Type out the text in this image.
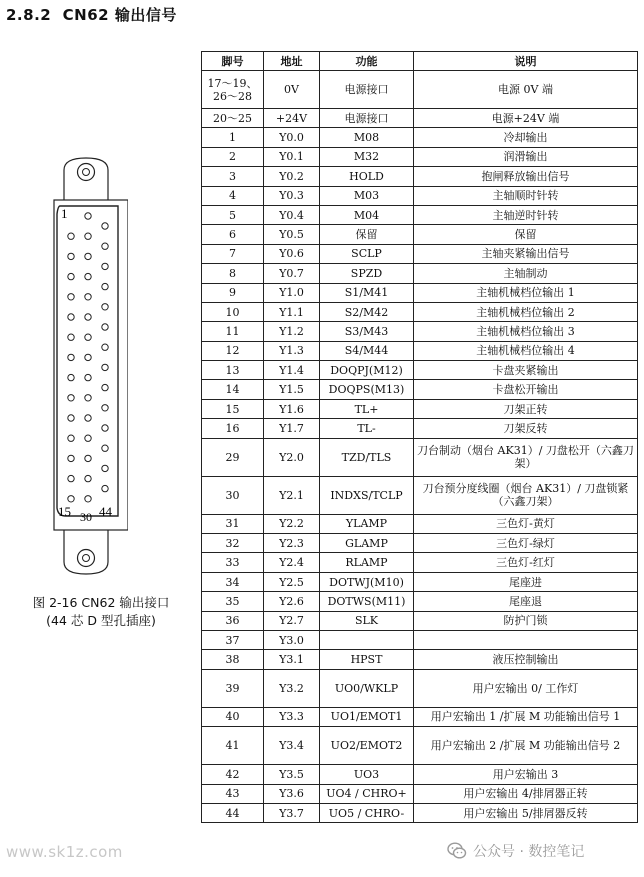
2.8.2 CN62 输出信号
1
15 30 44
图 2-16 CN62 输出接口
(44 芯 D 型孔插座)
脚号	地址	功能	说明
17～19、26～28	0V	电源接口	电源 0V 端
20～25	+24V	电源接口	电源+24V 端
1	Y0.0	M08	冷却输出
2	Y0.1	M32	润滑输出
3	Y0.2	HOLD	抱闸释放输出信号
4	Y0.3	M03	主轴顺时针转
5	Y0.4	M04	主轴逆时针转
6	Y0.5	保留	保留
7	Y0.6	SCLP	主轴夹紧输出信号
8	Y0.7	SPZD	主轴制动
9	Y1.0	S1/M41	主轴机械档位输出 1
10	Y1.1	S2/M42	主轴机械档位输出 2
11	Y1.2	S3/M43	主轴机械档位输出 3
12	Y1.3	S4/M44	主轴机械档位输出 4
13	Y1.4	DOQPJ(M12)	卡盘夹紧输出
14	Y1.5	DOQPS(M13)	卡盘松开输出
15	Y1.6	TL+	刀架正转
16	Y1.7	TL-	刀架反转
29	Y2.0	TZD/TLS	刀台制动（烟台 AK31）/ 刀盘松开（六鑫刀架）
30	Y2.1	INDXS/TCLP	刀台预分度线圈（烟台 AK31）/ 刀盘锁紧（六鑫刀架）
31	Y2.2	YLAMP	三色灯-黄灯
32	Y2.3	GLAMP	三色灯-绿灯
33	Y2.4	RLAMP	三色灯-红灯
34	Y2.5	DOTWJ(M10)	尾座进
35	Y2.6	DOTWS(M11)	尾座退
36	Y2.7	SLK	防护门锁
37	Y3.0		
38	Y3.1	HPST	液压控制输出
39	Y3.2	UO0/WKLP	用户宏输出 0/ 工作灯
40	Y3.3	UO1/EMOT1	用户宏输出 1 /扩展 M 功能输出信号 1
41	Y3.4	UO2/EMOT2	用户宏输出 2 /扩展 M 功能输出信号 2
42	Y3.5	UO3	用户宏输出 3
43	Y3.6	UO4 / CHRO+	用户宏输出 4/排屑器正转
44	Y3.7	UO5 / CHRO-	用户宏输出 5/排屑器反转
www.sk1z.com	公众号 · 数控笔记
